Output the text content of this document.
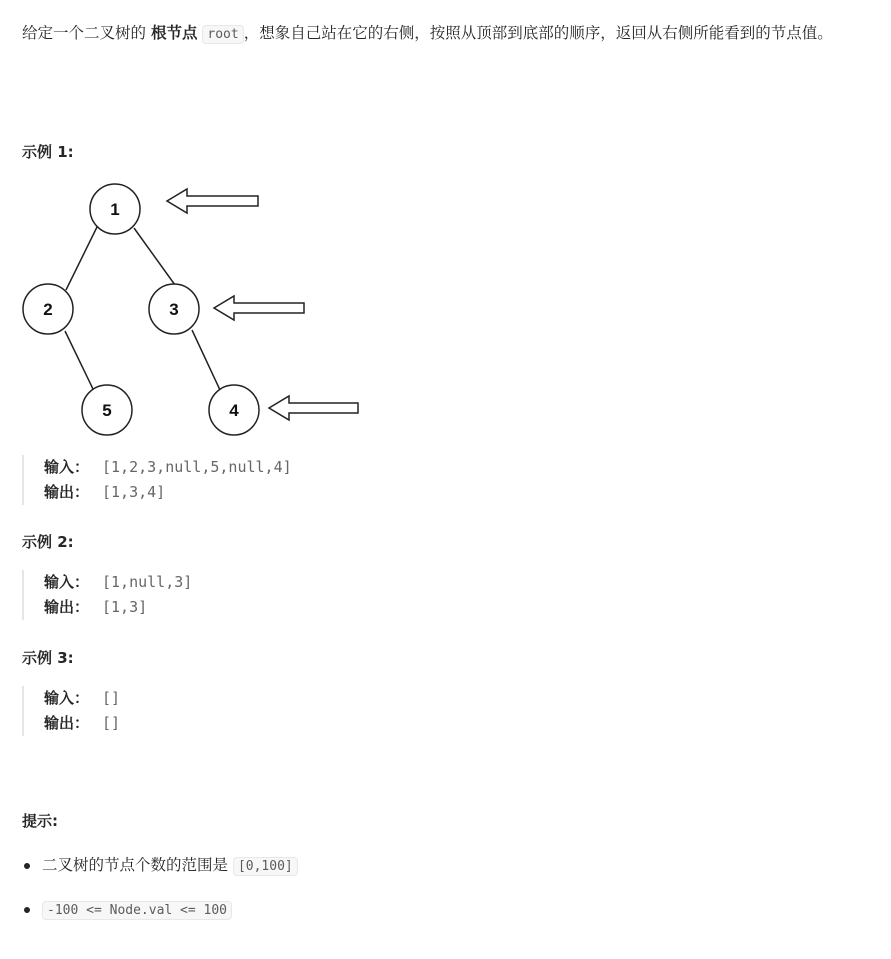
给定一个二叉树的 根节点 root ，想象自己站在它的右侧，按照从顶部到底部的顺序，返回从右侧所能看到的节点值。
示例 1:
1
2	3
5	4
输入： [1,2,3,null,5,null,4]
输出： [1,3,4]
示例 2:
输入： [1,null,3]
输出： [1,3]
示例 3:
输入： []
输出： []
提示:
二叉树的节点个数的范围是 [0,100]
-100 <= Node.val <= 100
